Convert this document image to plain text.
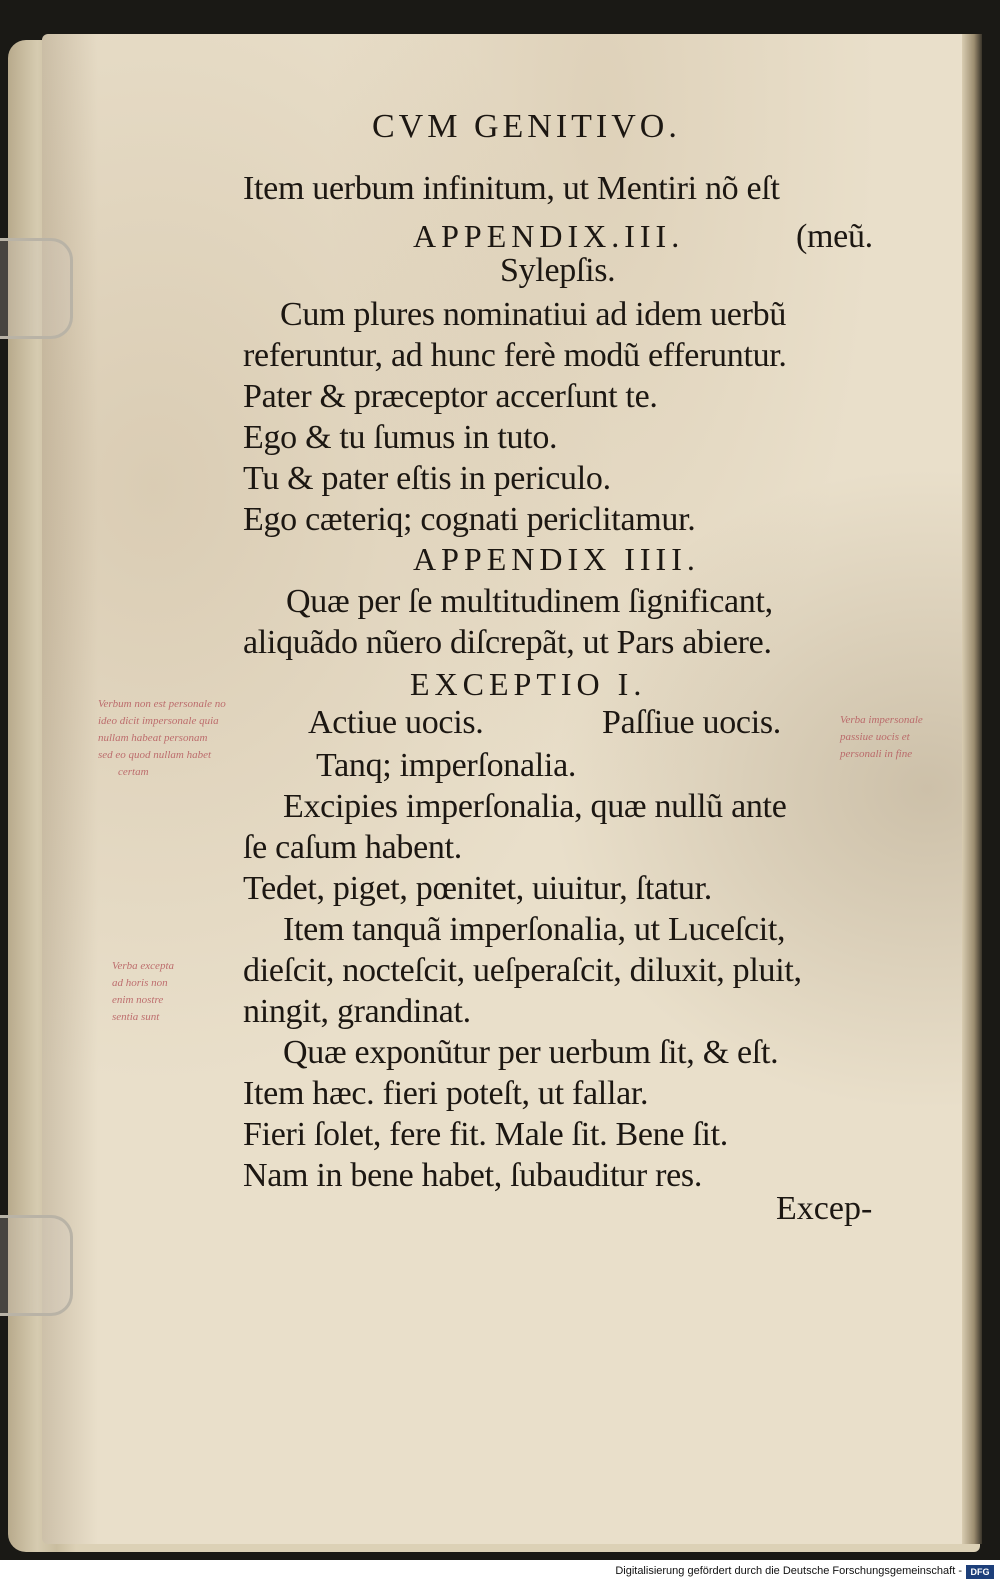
CVM GENITIVO.
Item uerbum infinitum, ut Mentiri nõ eſt
APPENDIX.III.	(meũ.
Sylepſis.
Cum plures nominatiui ad idem uerbũ
referuntur, ad hunc ferè modũ efferuntur.
Pater & præceptor accerſunt te.
Ego & tu ſumus in tuto.
Tu & pater eſtis in periculo.
Ego cæteriq; cognati periclitamur.
APPENDIX IIII.
Quæ per ſe multitudinem ſignificant,
aliquãdo nũero diſcrepãt, ut Pars abiere.
EXCEPTIO I.
Actiue uocis.	Paſſiue uocis.
Tanq; imperſonalia.
Excipies imperſonalia, quæ nullũ ante
ſe caſum habent.
Tedet, piget, pœnitet, uiuitur, ſtatur.
Item tanquã imperſonalia, ut Luceſcit,
dieſcit, nocteſcit, ueſperaſcit, diluxit, pluit,
ningit, grandinat.
Quæ exponũtur per uerbum ſit, & eſt.
Item hæc. fieri poteſt, ut fallar.
Fieri ſolet, fere fit. Male ſit. Bene ſit.
Nam in bene habet, ſubauditur res.
Excep-
Verbum non est personale no
ideo dicit impersonale quia
nullam habeat personam
sed eo quod nullam habet
certam
Verba impersonale
passiue uocis et
personali in fine
Verba excepta
ad horis non
enim nostre
sentia sunt
Digitalisierung gefördert durch die Deutsche Forschungsgemeinschaft - DFG
